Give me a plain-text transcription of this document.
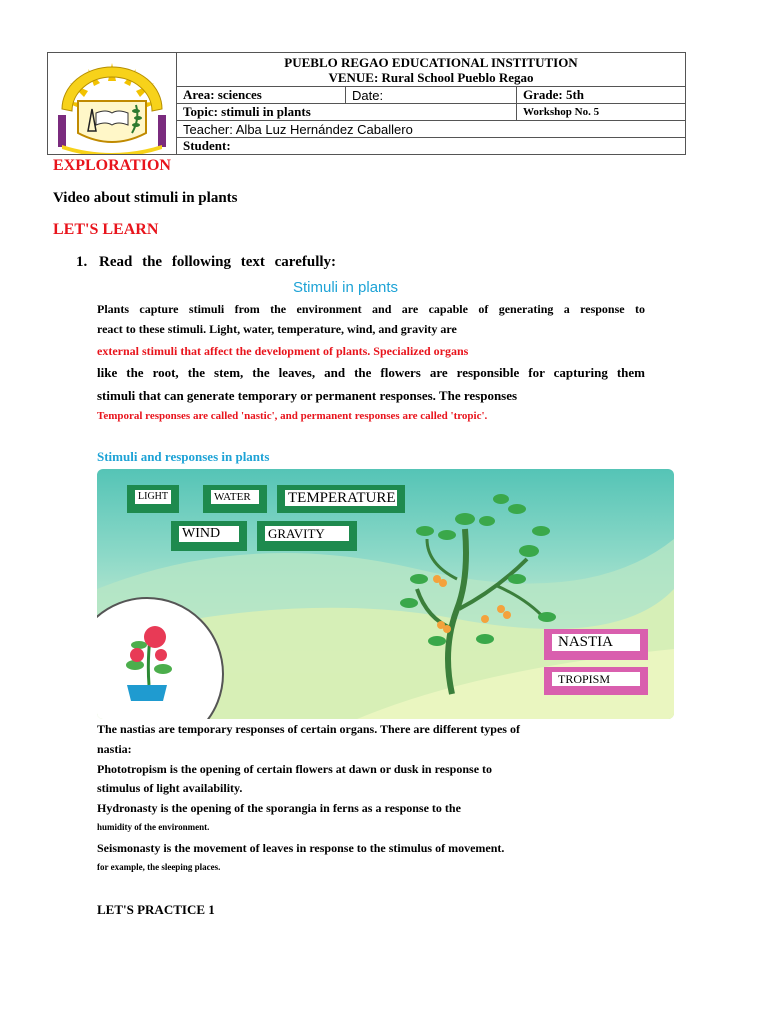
PUEBLO REGAO EDUCATIONAL INSTITUTION
VENUE: Rural School Pueblo Regao
Area: sciences	Date:	Grade: 5th
Topic: stimuli in plants	Workshop No. 5
Teacher: Alba Luz Hernández Caballero
Student:
EXPLORATION
Video about stimuli in plants
LET'S LEARN
1. Read the following text carefully:
Stimuli in plants
Plants capture stimuli from the environment and are capable of generating a response to
react to these stimuli. Light, water, temperature, wind, and gravity are
external stimuli that affect the development of plants. Specialized organs
like the root, the stem, the leaves, and the flowers are responsible for capturing them
stimuli that can generate temporary or permanent responses. The responses
Temporal responses are called 'nastic', and permanent responses are called 'tropic'.
Stimuli and responses in plants
LIGHT	WATER	TEMPERATURE
WIND	GRAVITY
NASTIA
TROPISM
The nastias are temporary responses of certain organs. There are different types of
nastia:
Phototropism is the opening of certain flowers at dawn or dusk in response to
stimulus of light availability.
Hydronasty is the opening of the sporangia in ferns as a response to the
humidity of the environment.
Seismonasty is the movement of leaves in response to the stimulus of movement.
for example, the sleeping places.
LET'S PRACTICE 1
